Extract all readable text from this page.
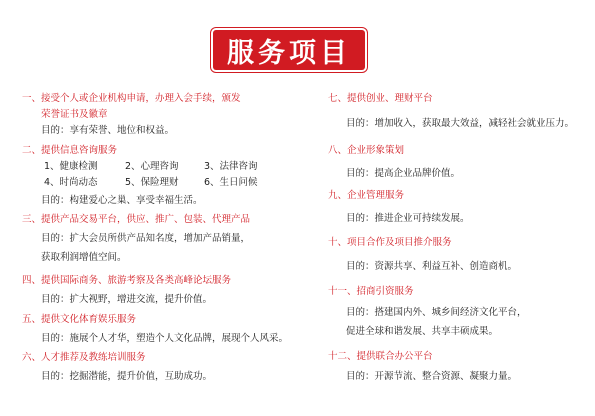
服务项目
一、接受个人或企业机构申请，办理入会手续，颁发
荣誉证书及徽章
目的：享有荣誉、地位和权益。
二、提供信息咨询服务
1、健康检测	2、心理咨询	3、法律咨询
4、时尚动态	5、保险理财	6、生日问候
目的：构建爱心之巢、享受幸福生活。
三、提供产品交易平台，供应、推广、包装、代理产品
目的：扩大会员所供产品知名度，增加产品销量，
获取利润增值空间。
四、提供国际商务、旅游考察及各类高峰论坛服务
目的：扩大视野，增进交流，提升价值。
五、提供文化体育娱乐服务
目的：施展个人才华，塑造个人文化品牌，展现个人风采。
六、人才推荐及教练培训服务
目的：挖掘潜能，提升价值，互助成功。
七、提供创业、理财平台
目的：增加收入，获取最大效益，减轻社会就业压力。
八、企业形象策划
目的：提高企业品牌价值。
九、企业管理服务
目的：推进企业可持续发展。
十、项目合作及项目推介服务
目的：资源共享、利益互补、创造商机。
十一、招商引资服务
目的：搭建国内外、城乡间经济文化平台，
促进全球和谐发展、共享丰硕成果。
十二、提供联合办公平台
目的：开源节流、整合资源、凝聚力量。
